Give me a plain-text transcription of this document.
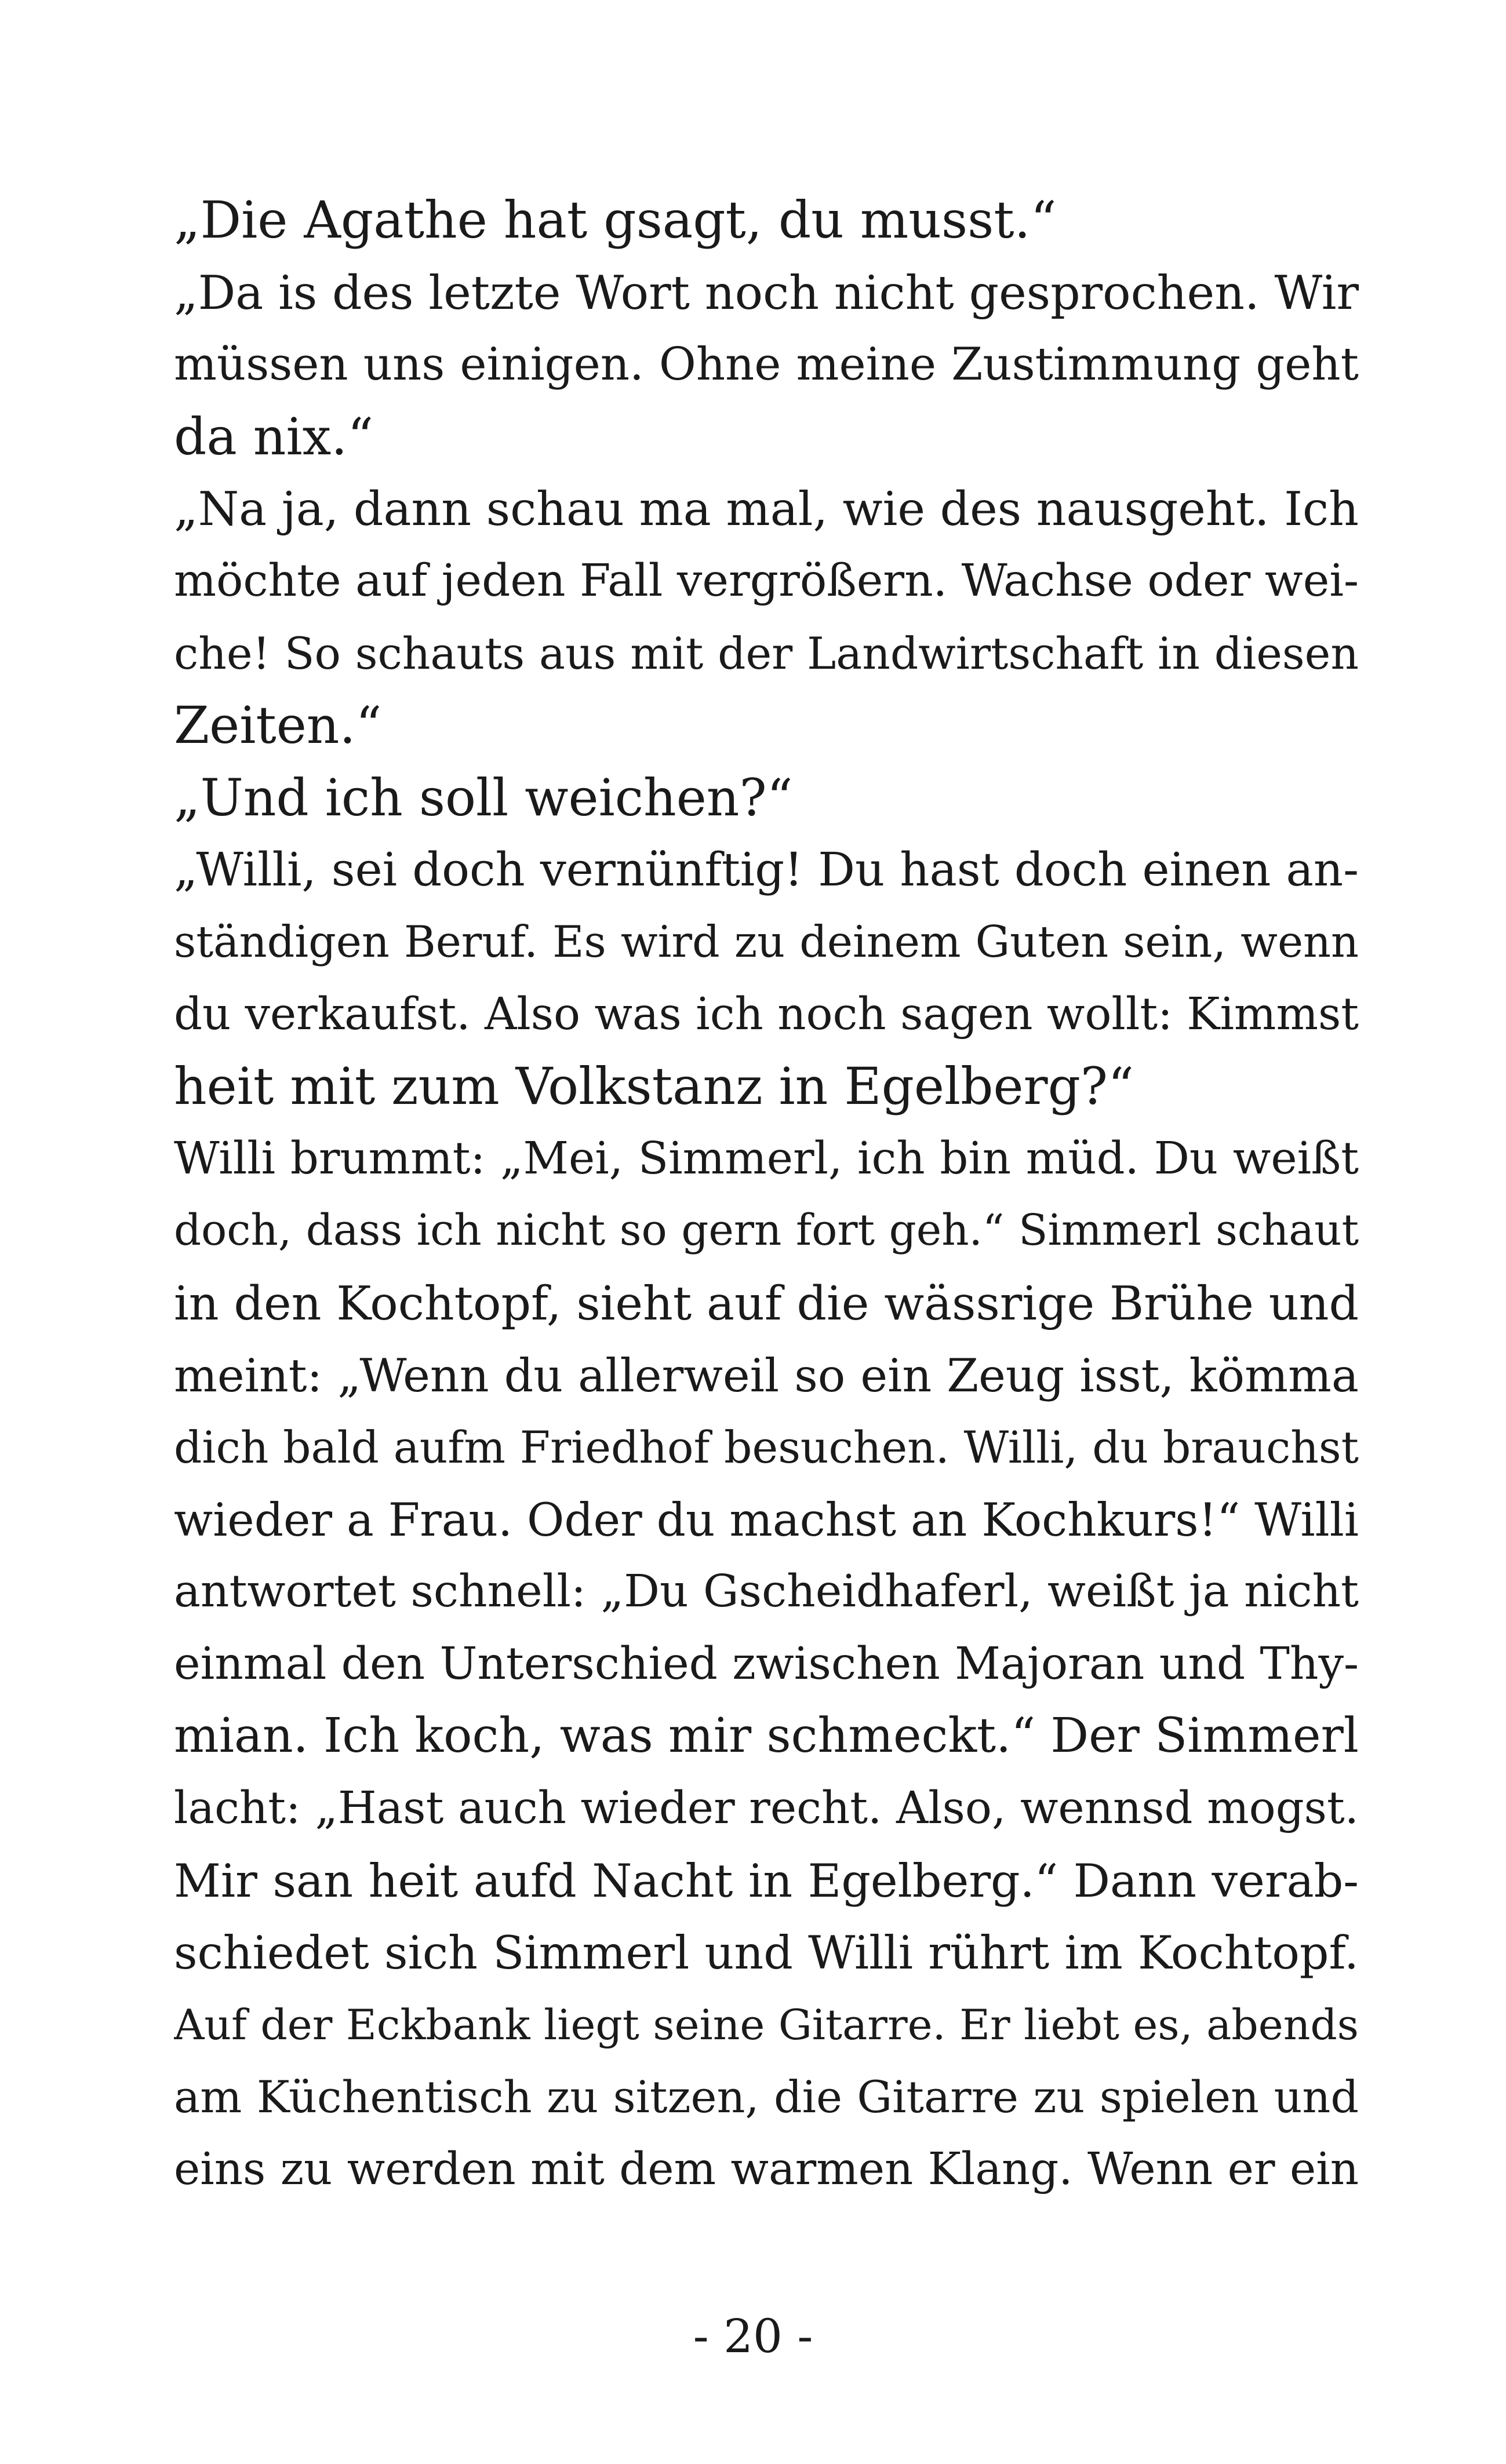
„Die Agathe hat gsagt, du musst.“
„Da is des letzte Wort noch nicht gesprochen. Wir
müssen uns einigen. Ohne meine Zustimmung geht
da nix.“
„Na ja, dann schau ma mal, wie des nausgeht. Ich
möchte auf jeden Fall vergrößern. Wachse oder wei-
che! So schauts aus mit der Landwirtschaft in diesen
Zeiten.“
„Und ich soll weichen?“
„Willi, sei doch vernünftig! Du hast doch einen an-
ständigen Beruf. Es wird zu deinem Guten sein, wenn
du verkaufst. Also was ich noch sagen wollt: Kimmst
heit mit zum Volkstanz in Egelberg?“
Willi brummt: „Mei, Simmerl, ich bin müd. Du weißt
doch, dass ich nicht so gern fort geh.“ Simmerl schaut
in den Kochtopf, sieht auf die wässrige Brühe und
meint: „Wenn du allerweil so ein Zeug isst, kömma
dich bald aufm Friedhof besuchen. Willi, du brauchst
wieder a Frau. Oder du machst an Kochkurs!“ Willi
antwortet schnell: „Du Gscheidhaferl, weißt ja nicht
einmal den Unterschied zwischen Majoran und Thy-
mian. Ich koch, was mir schmeckt.“ Der Simmerl
lacht: „Hast auch wieder recht. Also, wennsd mogst.
Mir san heit aufd Nacht in Egelberg.“ Dann verab-
schiedet sich Simmerl und Willi rührt im Kochtopf.
Auf der Eckbank liegt seine Gitarre. Er liebt es, abends
am Küchentisch zu sitzen, die Gitarre zu spielen und
eins zu werden mit dem warmen Klang. Wenn er ein
- 20 -
